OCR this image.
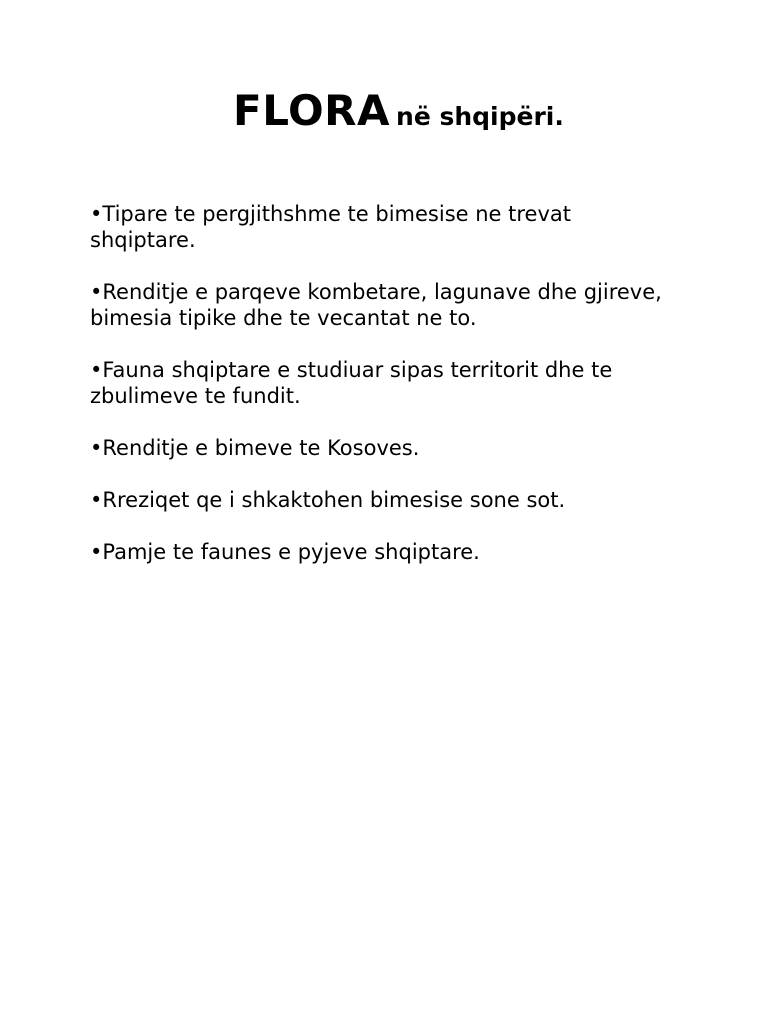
FLORA në shqipëri.
•Tipare te pergjithshme te bimesise ne trevat shqiptare.
•Renditje e parqeve kombetare, lagunave dhe gjireve, bimesia tipike dhe te vecantat ne to.
•Fauna shqiptare e studiuar sipas territorit dhe te zbulimeve te fundit.
•Renditje e bimeve te Kosoves.
•Rreziqet qe i shkaktohen bimesise sone sot.
•Pamje te faunes e pyjeve shqiptare.
